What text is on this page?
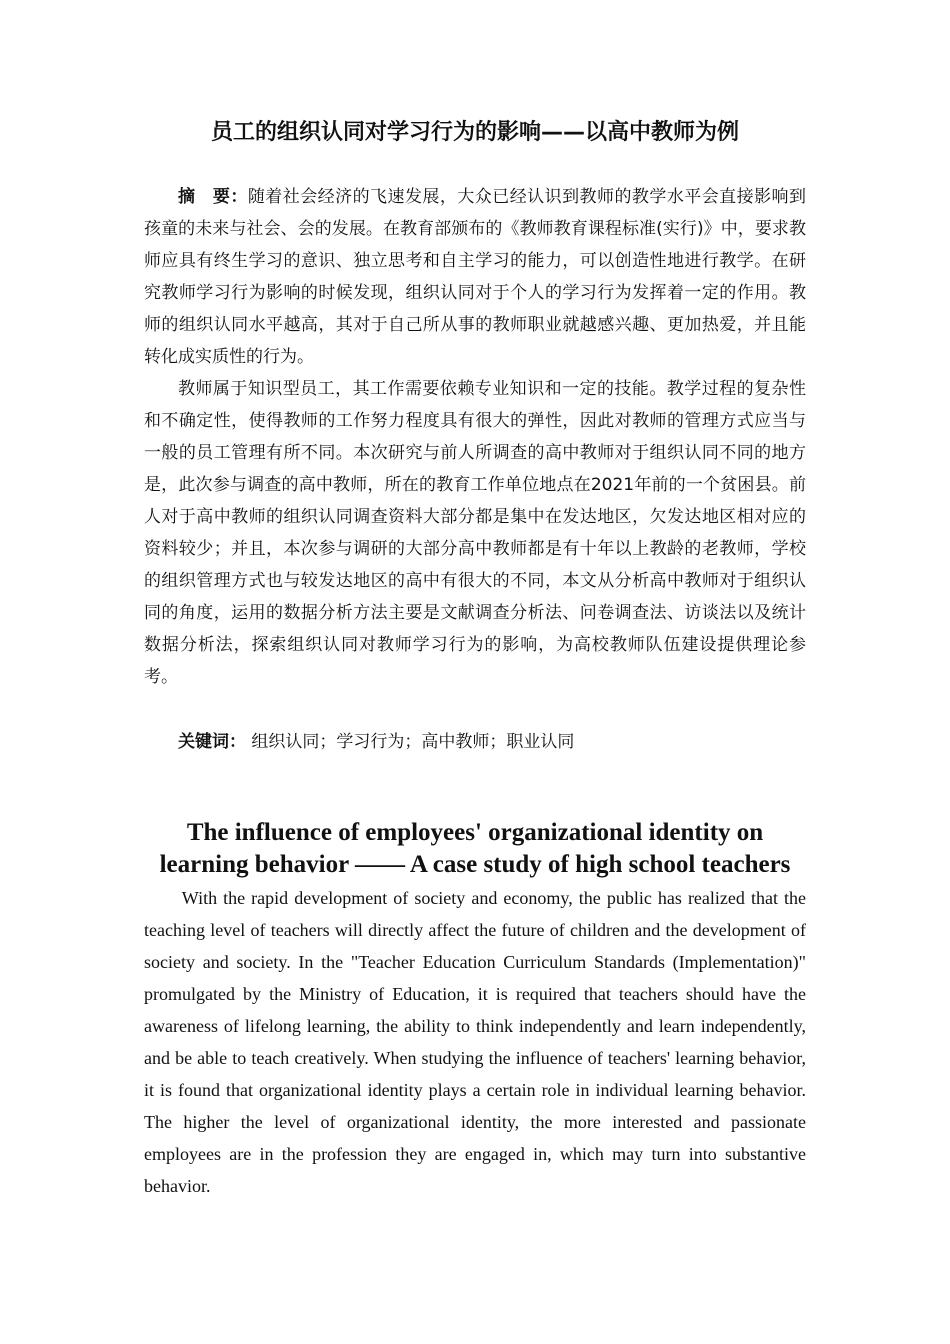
员工的组织认同对学习行为的影响——以高中教师为例

摘　要：随着社会经济的飞速发展，大众已经认识到教师的教学水平会直接影响到孩童的未来与社会、会的发展。在教育部颁布的《教师教育课程标准(实行)》中，要求教师应具有终生学习的意识、独立思考和自主学习的能力，可以创造性地进行教学。在研究教师学习行为影响的时候发现，组织认同对于个人的学习行为发挥着一定的作用。教师的组织认同水平越高，其对于自己所从事的教师职业就越感兴趣、更加热爱，并且能转化成实质性的行为。

教师属于知识型员工，其工作需要依赖专业知识和一定的技能。教学过程的复杂性和不确定性，使得教师的工作努力程度具有很大的弹性，因此对教师的管理方式应当与一般的员工管理有所不同。本次研究与前人所调查的高中教师对于组织认同不同的地方是，此次参与调查的高中教师，所在的教育工作单位地点在2021年前的一个贫困县。前人对于高中教师的组织认同调查资料大部分都是集中在发达地区，欠发达地区相对应的资料较少；并且，本次参与调研的大部分高中教师都是有十年以上教龄的老教师，学校的组织管理方式也与较发达地区的高中有很大的不同，本文从分析高中教师对于组织认同的角度，运用的数据分析方法主要是文献调查分析法、问卷调查法、访谈法以及统计数据分析法，探索组织认同对教师学习行为的影响，为高校教师队伍建设提供理论参考。

关键词： 组织认同；学习行为；高中教师；职业认同

The influence of employees' organizational identity on
learning behavior —— A case study of high school teachers

With the rapid development of society and economy, the public has realized that the teaching level of teachers will directly affect the future of children and the development of society and society. In the "Teacher Education Curriculum Standards (Implementation)" promulgated by the Ministry of Education, it is required that teachers should have the awareness of lifelong learning, the ability to think independently and learn independently, and be able to teach creatively. When studying the influence of teachers' learning behavior, it is found that organizational identity plays a certain role in individual learning behavior. The higher the level of organizational identity, the more interested and passionate employees are in the profession they are engaged in, which may turn into substantive behavior.
